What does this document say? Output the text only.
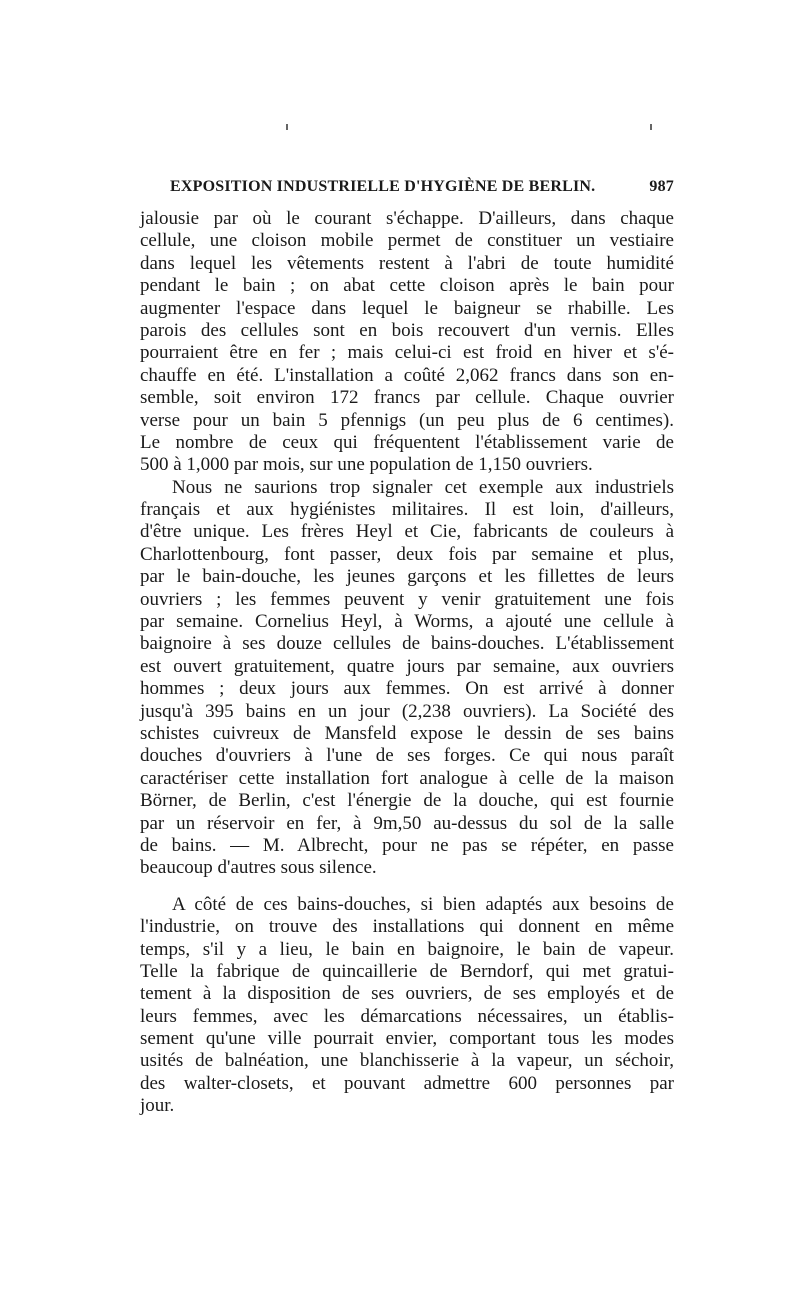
EXPOSITION INDUSTRIELLE D'HYGIÈNE DE BERLIN.	987
jalousie par où le courant s'échappe. D'ailleurs, dans chaque
cellule, une cloison mobile permet de constituer un vestiaire
dans lequel les vêtements restent à l'abri de toute humidité
pendant le bain ; on abat cette cloison après le bain pour
augmenter l'espace dans lequel le baigneur se rhabille. Les
parois des cellules sont en bois recouvert d'un vernis. Elles
pourraient être en fer ; mais celui-ci est froid en hiver et s'é-
chauffe en été. L'installation a coûté 2,062 francs dans son en-
semble, soit environ 172 francs par cellule. Chaque ouvrier
verse pour un bain 5 pfennigs (un peu plus de 6 centimes).
Le nombre de ceux qui fréquentent l'établissement varie de
500 à 1,000 par mois, sur une population de 1,150 ouvriers.
Nous ne saurions trop signaler cet exemple aux industriels
français et aux hygiénistes militaires. Il est loin, d'ailleurs,
d'être unique. Les frères Heyl et Cie, fabricants de couleurs à
Charlottenbourg, font passer, deux fois par semaine et plus,
par le bain-douche, les jeunes garçons et les fillettes de leurs
ouvriers ; les femmes peuvent y venir gratuitement une fois
par semaine. Cornelius Heyl, à Worms, a ajouté une cellule à
baignoire à ses douze cellules de bains-douches. L'établissement
est ouvert gratuitement, quatre jours par semaine, aux ouvriers
hommes ; deux jours aux femmes. On est arrivé à donner
jusqu'à 395 bains en un jour (2,238 ouvriers). La Société des
schistes cuivreux de Mansfeld expose le dessin de ses bains
douches d'ouvriers à l'une de ses forges. Ce qui nous paraît
caractériser cette installation fort analogue à celle de la maison
Börner, de Berlin, c'est l'énergie de la douche, qui est fournie
par un réservoir en fer, à 9m,50 au-dessus du sol de la salle
de bains. — M. Albrecht, pour ne pas se répéter, en passe
beaucoup d'autres sous silence.
A côté de ces bains-douches, si bien adaptés aux besoins de
l'industrie, on trouve des installations qui donnent en même
temps, s'il y a lieu, le bain en baignoire, le bain de vapeur.
Telle la fabrique de quincaillerie de Berndorf, qui met gratui-
tement à la disposition de ses ouvriers, de ses employés et de
leurs femmes, avec les démarcations nécessaires, un établis-
sement qu'une ville pourrait envier, comportant tous les modes
usités de balnéation, une blanchisserie à la vapeur, un séchoir,
des walter-closets, et pouvant admettre 600 personnes par
jour.
